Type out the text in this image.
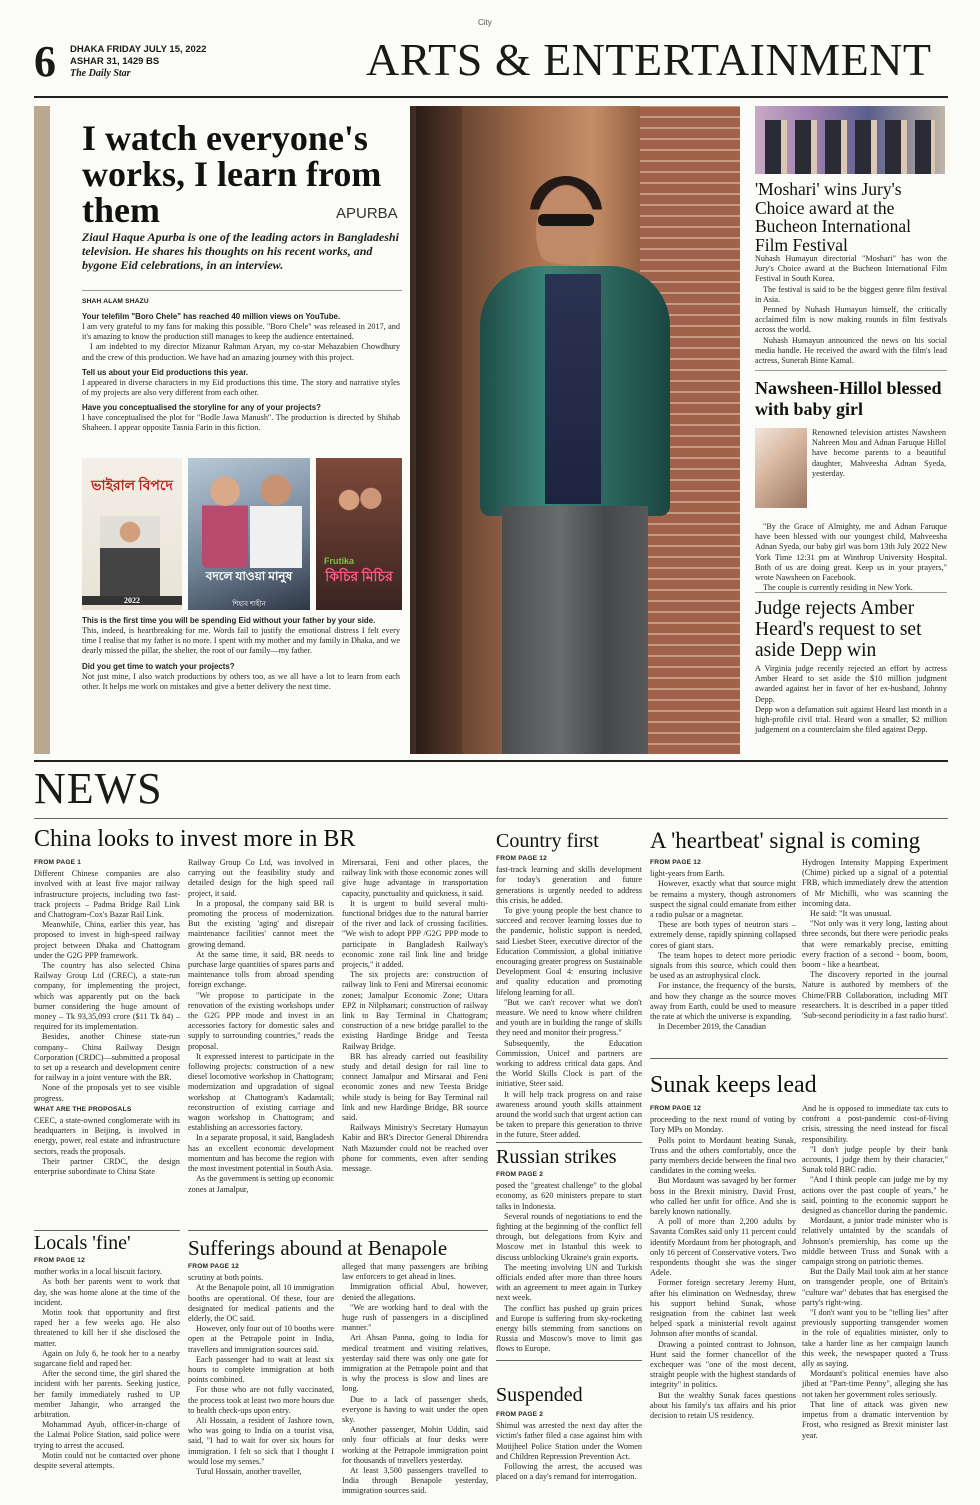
City
6 DHAKA FRIDAY JULY 15, 2022
ASHAR 31, 1429 BS
The Daily Star	ARTS & ENTERTAINMENT
I watch everyone's works, I learn from them	APURBA
Ziaul Haque Apurba is one of the leading actors in Bangladeshi television. He shares his thoughts on his recent works, and bygone Eid celebrations, in an interview.
SHAH ALAM SHAZU
Your telefilm "Boro Chele" has reached 40 million views on YouTube.
I am very grateful to my fans for making this possible. "Boro Chele" was released in 2017, and it's amazing to know the production still manages to keep the audience entertained.
I am indebted to my director Mizanur Rahman Aryan, my co-star Mehazabien Chowdhury and the crew of this production. We have had an amazing journey with this project.
Tell us about your Eid productions this year.
I appeared in diverse characters in my Eid productions this time. The story and narrative styles of my projects are also very different from each other.
Have you conceptualised the storyline for any of your projects?
I have conceptualised the plot for "Bodle Jawa Manush". The production is directed by Shihab Shaheen. I appear opposite Tasnia Farin in this fiction.
ভাইরাল বিপদে
2022
বদলে যাওয়া মানুষ
শিহাব শাহীন
Frutika
কিচির মিচির
This is the first time you will be spending Eid without your father by your side.
This, indeed, is heartbreaking for me. Words fail to justify the emotional distress I felt every time I realise that my father is no more. I spent with my mother and my family in Dhaka, and we dearly missed the pillar, the shelter, the root of our family—my father.
Did you get time to watch your projects?
Not just mine, I also watch productions by others too, as we all have a lot to learn from each other. It helps me work on mistakes and give a better delivery the next time.
'Moshari' wins Jury's Choice award at the Bucheon International Film Festival
Nuhash Humayun directorial "Moshari" has won the Jury's Choice award at the Bucheon International Film Festival in South Korea.
The festival is said to be the biggest genre film festival in Asia.
Penned by Nuhash Humayun himself, the critically acclaimed film is now making rounds in film festivals across the world.
Nuhash Humayun announced the news on his social media handle. He received the award with the film's lead actress, Sunerah Binte Kamal.
Nawsheen-Hillol blessed with baby girl
Renowned television artistes Nawsheen Nahreen Mou and Adnan Faruque Hillol have become parents to a beautiful daughter, Mahveesha Adnan Syeda, yesterday.
"By the Grace of Almighty, me and Adnan Faruque have been blessed with our youngest child, Mahveesha Adnan Syeda, our baby girl was born 13th July 2022 New York Time 12:31 pm at Winthrop University Hospital. Both of us are doing great. Keep us in your prayers," wrote Nawsheen on Facebook.
The couple is currently residing in New York.
Judge rejects Amber Heard's request to set aside Depp win
A Virginia judge recently rejected an effort by actress Amber Heard to set aside the $10 million judgment awarded against her in favor of her ex-husband, Johnny Depp.
Depp won a defamation suit against Heard last month in a high-profile civil trial. Heard won a smaller, $2 million judgement on a counterclaim she filed against Depp.
NEWS
China looks to invest more in BR
FROM PAGE 1
Different Chinese companies are also involved with at least five major railway infrastructure projects, including two fast-track projects – Padma Bridge Rail Link and Chattogram-Cox's Bazar Rail Link.
Meanwhile, China, earlier this year, has proposed to invest in high-speed railway project between Dhaka and Chattogram under the G2G PPP framework.
The country has also selected China Railway Group Ltd (CREC), a state-run company, for implementing the project, which was apparently put on the back burner considering the huge amount of money – Tk 93,35,093 crore ($11 Tk 84) – required for its implementation.
Besides, another Chinese state-run company– China Railway Design Corporation (CRDC)—submitted a proposal to set up a research and development centre for railway in a joint venture with the BR.
None of the proposals yet to see visible progress.
WHAT ARE THE PROPOSALS
CEEC, a state-owned conglomerate with its headquarters in Beijing, is involved in energy, power, real estate and infrastructure sectors, reads the proposals.
Their partner CRDC, the design enterprise subordinate to China State
Railway Group Co Ltd, was involved in carrying out the feasibility study and detailed design for the high speed rail project, it said.
In a proposal, the company said BR is promoting the process of modernization. But the existing 'aging' and disrepair maintenance facilities' cannot meet the growing demand.
At the same time, it said, BR needs to purchase large quantities of spares parts and maintenance tolls from abroad spending foreign exchange.
"We propose to participate in the renovation of the existing workshops under the G2G PPP mode and invest in an accessories factory for domestic sales and supply to surrounding countries," reads the proposal.
It expressed interest to participate in the following projects: construction of a new diesel locomotive workshop in Chattogram; modernization and upgradation of signal workshop at Chattogram's Kadamtali; reconstruction of existing carriage and wagon workshop in Chattogram; and establishing an accessories factory.
In a separate proposal, it said, Bangladesh has an excellent economic development momentum and has become the region with the most investment potential in South Asia.
As the government is setting up economic zones at Jamalpur,
Mirersarai, Feni and other places, the railway link with those economic zones will give huge advantage in transportation capacity, punctuality and quickness, it said.
It is urgent to build several multi-functional bridges due to the natural barrier of the river and lack of crossing facilities. "We wish to adopt PPP /G2G PPP mode to participate in Bangladesh Railway's economic zone rail link line and bridge projects," it added.
The six projects are: construction of railway link to Feni and Mirersai economic zones; Jamalpur Economic Zone; Uttara EPZ in Nilphamari; construction of railway link to Bay Terminal in Chattogram; construction of a new bridge parallel to the existing Hardinge Bridge and Teesta Railway Bridge.
BR has already carried out feasibility study and detail design for rail line to connect Jamalpur and Mirsarai and Feni economic zones and new Teesta Bridge while study is being for Bay Terminal rail link and new Hardinge Bridge, BR source said.
Railways Ministry's Secretary Humayun Kabir and BR's Director General Dhirendra Nath Mazumder could not be reached over phone for comments, even after sending message.
Country first
FROM PAGE 12
fast-track learning and skills development for today's generation and future generations is urgently needed to address this crisis, he added.
To give young people the best chance to succeed and recover learning losses due to the pandemic, holistic support is needed, said Liesbet Steer, executive director of the Education Commission, a global initiative encouraging greater progress on Sustainable Development Goal 4: ensuring inclusive and quality education and promoting lifelong learning for all.
"But we can't recover what we don't measure. We need to know where children and youth are in building the range of skills they need and monitor their progress."
Subsequently, the Education Commission, Unicef and partners are working to address critical data gaps. And the World Skills Clock is part of the initiative, Steer said.
It will help track progress on and raise awareness around youth skills attainment around the world such that urgent action can be taken to prepare this generation to thrive in the future, Steer added.
A 'heartbeat' signal is coming
FROM PAGE 12
light-years from Earth.
However, exactly what that source might be remains a mystery, though astronomers suspect the signal could emanate from either a radio pulsar or a magnetar.
These are both types of neutron stars – extremely dense, rapidly spinning collapsed cores of giant stars.
The team hopes to detect more periodic signals from this source, which could then be used as an astrophysical clock.
For instance, the frequency of the bursts, and how they change as the source moves away from Earth, could be used to measure the rate at which the universe is expanding.
In December 2019, the Canadian
Hydrogen Intensity Mapping Experiment (Chime) picked up a signal of a potential FRB, which immediately drew the attention of Mr Michilli, who was scanning the incoming data.
He said: "It was unusual.
"Not only was it very long, lasting about three seconds, but there were periodic peaks that were remarkably precise, emitting every fraction of a second - boom, boom, boom - like a heartbeat.
The discovery reported in the journal Nature is authored by members of the Chime/FRB Collaboration, including MIT researchers. It is described in a paper titled 'Sub-second periodicity in a fast radio burst'.
Sunak keeps lead
FROM PAGE 12
proceeding to the next round of voting by Tory MPs on Monday.
Polls point to Mordaunt beating Sunak, Truss and the others comfortably, once the party members decide between the final two candidates in the coming weeks.
But Mordaunt was savaged by her former boss in the Brexit ministry, David Frost, who called her unfit for office. And she is barely known nationally.
A poll of more than 2,200 adults by Savanta ComRes said only 11 percent could identify Mordaunt from her photograph, and only 16 percent of Conservative voters. Two respondents thought she was the singer Adele.
Former foreign secretary Jeremy Hunt, after his elimination on Wednesday, threw his support behind Sunak, whose resignation from the cabinet last week helped spark a ministerial revolt against Johnson after months of scandal.
Drawing a pointed contrast to Johnson, Hunt said the former chancellor of the exchequer was "one of the most decent, straight people with the highest standards of integrity" in politics.
But the wealthy Sunak faces questions about his family's tax affairs and his prior decision to retain US residency.
And he is opposed to immediate tax cuts to confront a post-pandemic cost-of-living crisis, stressing the need instead for fiscal responsibility.
"I don't judge people by their bank accounts, I judge them by their character," Sunak told BBC radio.
"And I think people can judge me by my actions over the past couple of years," he said, pointing to the economic support he designed as chancellor during the pandemic.
Mordaunt, a junior trade minister who is relatively untainted by the scandals of Johnson's premiership, has come up the middle between Truss and Sunak with a campaign strong on patriotic themes.
But the Daily Mail took aim at her stance on transgender people, one of Britain's "culture war" debates that has energised the party's right-wing.
"I don't want you to be "telling lies" after previously supporting transgender women in the role of equalities minister, only to take a harder line as her campaign launch this week, the newspaper quoted a Truss ally as saying.
Mordaunt's political enemies have also jibed at "Part-time Penny", alleging she has not taken her government roles seriously.
That line of attack was given new impetus from a dramatic intervention by Frost, who resigned as Brexit minister last year.
Russian strikes
FROM PAGE 2
posed the "greatest challenge" to the global economy, as 620 ministers prepare to start talks in Indonesia.
Several rounds of negotiations to end the fighting at the beginning of the conflict fell through, but delegations from Kyiv and Moscow met in Istanbul this week to discuss unblocking Ukraine's grain exports.
The meeting involving UN and Turkish officials ended after more than three hours with an agreement to meet again in Turkey next week.
The conflict has pushed up grain prices and Europe is suffering from sky-rocketing energy bills stemming from sanctions on Russia and Moscow's move to limit gas flows to Europe.
Suspended
FROM PAGE 2
Shimul was arrested the next day after the victim's father filed a case against him with Motijheel Police Station under the Women and Children Repression Prevention Act.
Following the arrest, the accused was placed on a day's remand for interrogation.
Locals 'fine'
FROM PAGE 12
mother works in a local biscuit factory.
As both her parents went to work that day, she was home alone at the time of the incident.
Motin took that opportunity and first raped her a few weeks ago. He also threatened to kill her if she disclosed the matter.
Again on July 6, he took her to a nearby sugarcane field and raped her.
After the second time, the girl shared the incident with her parents. Seeking justice, her family immediately rushed to UP member Jahangir, who arranged the arbitration.
Mohammad Ayub, officer-in-charge of the Lalmai Police Station, said police were trying to arrest the accused.
Motin could not be contacted over phone despite several attempts.
Sufferings abound at Benapole
FROM PAGE 12
scrutiny at both points.
At the Benapole point, all 10 immigration booths are operational. Of these, four are designated for medical patients and the elderly, the OC said.
However, only four out of 10 booths were open at the Petrapole point in India, travellers and immigration sources said.
Each passenger had to wait at least six hours to complete immigration at both points combined.
For those who are not fully vaccinated, the process took at least two more hours due to health check-ups upon entry.
Ali Hossain, a resident of Jashore town, who was going to India on a tourist visa, said, "I had to wait for over six hours for immigration. I felt so sick that I thought I would lose my senses."
Tutul Hossain, another traveller,
alleged that many passengers are bribing law enforcers to get ahead in lines.
Immigration official Abul, however, denied the allegations.
"We are working hard to deal with the huge rush of passengers in a disciplined manner."
Ari Ahsan Panna, going to India for medical treatment and visiting relatives, yesterday said there was only one gate for immigration at the Petrapole point and that is why the process is slow and lines are long.
Due to a lack of passenger sheds, everyone is having to wait under the open sky.
Another passenger, Mohin Uddin, said only four officials at four desks were working at the Petrapole immigration point for thousands of travellers yesterday.
At least 3,500 passengers travelled to India through Benapole yesterday, immigration sources said.
